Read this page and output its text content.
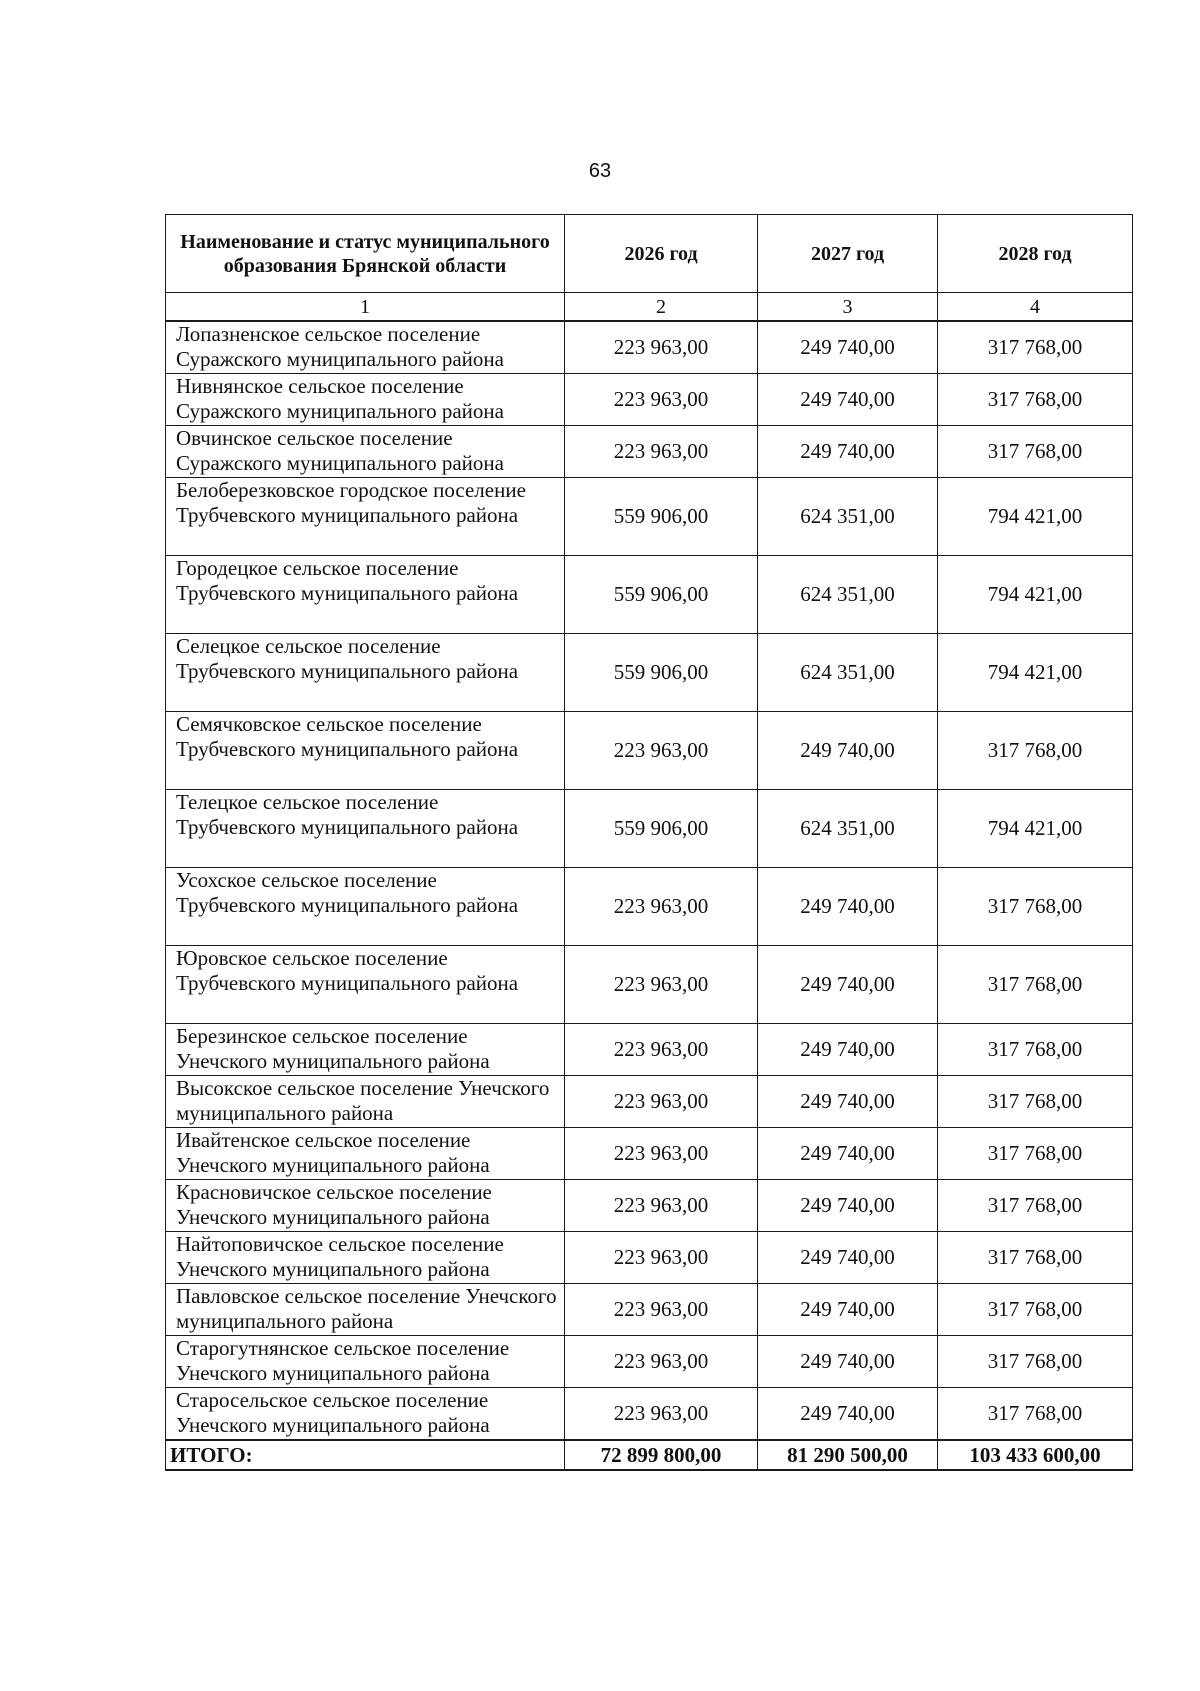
63
Наименование и статус муниципального образования Брянской области	2026 год	2027 год	2028 год
1	2	3	4
Лопазненское сельское поселение Суражского муниципального района	223 963,00	249 740,00	317 768,00
Нивнянское сельское поселение Суражского муниципального района	223 963,00	249 740,00	317 768,00
Овчинское сельское поселение Суражского муниципального района	223 963,00	249 740,00	317 768,00
Белоберезковское городское поселение Трубчевского муниципального района	559 906,00	624 351,00	794 421,00
Городецкое сельское поселение Трубчевского муниципального района	559 906,00	624 351,00	794 421,00
Селецкое сельское поселение Трубчевского муниципального района	559 906,00	624 351,00	794 421,00
Семячковское сельское поселение Трубчевского муниципального района	223 963,00	249 740,00	317 768,00
Телецкое сельское поселение Трубчевского муниципального района	559 906,00	624 351,00	794 421,00
Усохское сельское поселение Трубчевского муниципального района	223 963,00	249 740,00	317 768,00
Юровское сельское поселение Трубчевского муниципального района	223 963,00	249 740,00	317 768,00
Березинское сельское поселение Унечского муниципального района	223 963,00	249 740,00	317 768,00
Высокское сельское поселение Унечского муниципального района	223 963,00	249 740,00	317 768,00
Ивайтенское сельское поселение Унечского муниципального района	223 963,00	249 740,00	317 768,00
Красновичское сельское поселение Унечского муниципального района	223 963,00	249 740,00	317 768,00
Найтоповичское сельское поселение Унечского муниципального района	223 963,00	249 740,00	317 768,00
Павловское сельское поселение Унечского муниципального района	223 963,00	249 740,00	317 768,00
Старогутнянское сельское поселение Унечского муниципального района	223 963,00	249 740,00	317 768,00
Старосельское сельское поселение Унечского муниципального района	223 963,00	249 740,00	317 768,00
ИТОГО:	72 899 800,00	81 290 500,00	103 433 600,00
